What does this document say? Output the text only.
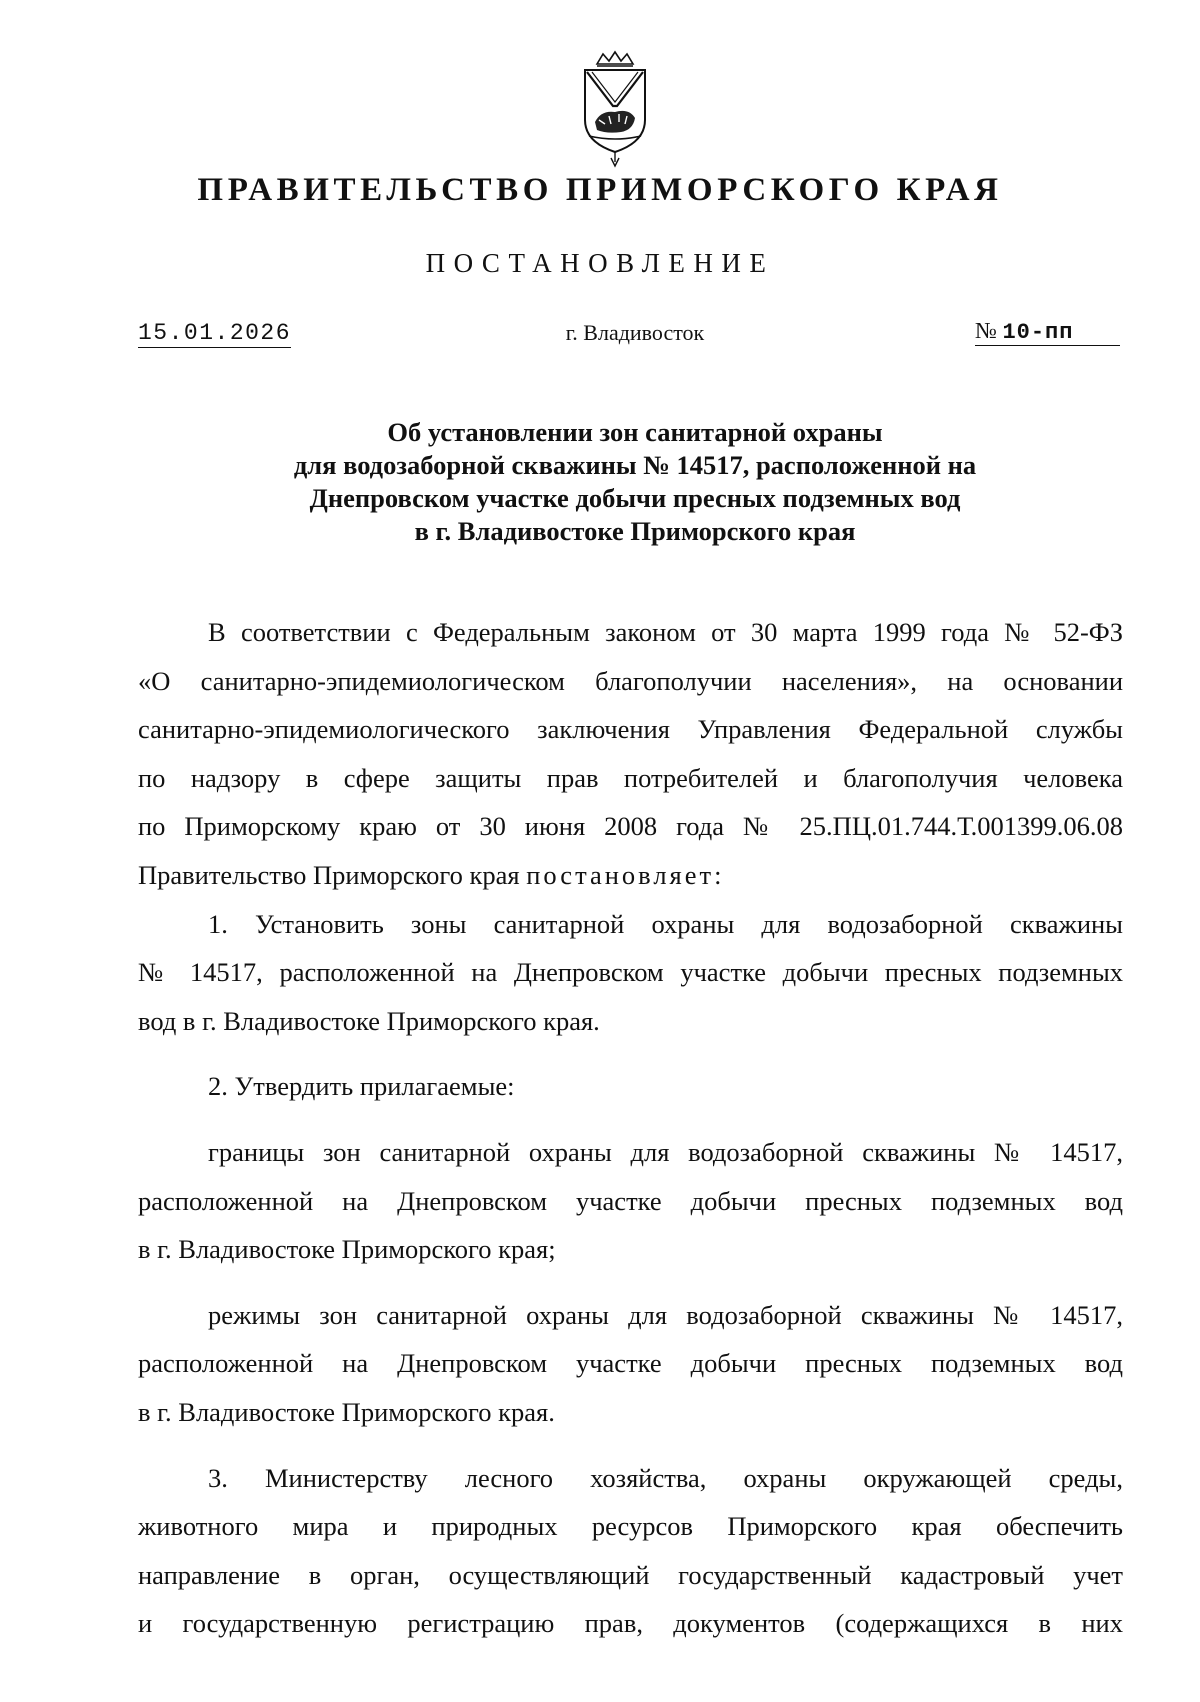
ПРАВИТЕЛЬСТВО ПРИМОРСКОГО КРАЯ
ПОСТАНОВЛЕНИЕ
15.01.2026	г. Владивосток	№ 10-пп
Об установлении зон санитарной охраны
для водозаборной скважины № 14517, расположенной на
Днепровском участке добычи пресных подземных вод
в г. Владивостоке Приморского края
В соответствии с Федеральным законом от 30 марта 1999 года № 52-ФЗ
«О санитарно-эпидемиологическом благополучии населения», на основании
санитарно-эпидемиологического заключения Управления Федеральной службы
по надзору в сфере защиты прав потребителей и благополучия человека
по Приморскому краю от 30 июня 2008 года № 25.ПЦ.01.744.Т.001399.06.08
Правительство Приморского края постановляет:
1. Установить зоны санитарной охраны для водозаборной скважины
№ 14517, расположенной на Днепровском участке добычи пресных подземных
вод в г. Владивостоке Приморского края.
2. Утвердить прилагаемые:
границы зон санитарной охраны для водозаборной скважины № 14517,
расположенной на Днепровском участке добычи пресных подземных вод
в г. Владивостоке Приморского края;
режимы зон санитарной охраны для водозаборной скважины № 14517,
расположенной на Днепровском участке добычи пресных подземных вод
в г. Владивостоке Приморского края.
3. Министерству лесного хозяйства, охраны окружающей среды,
животного мира и природных ресурсов Приморского края обеспечить
направление в орган, осуществляющий государственный кадастровый учет
и государственную регистрацию прав, документов (содержащихся в них
